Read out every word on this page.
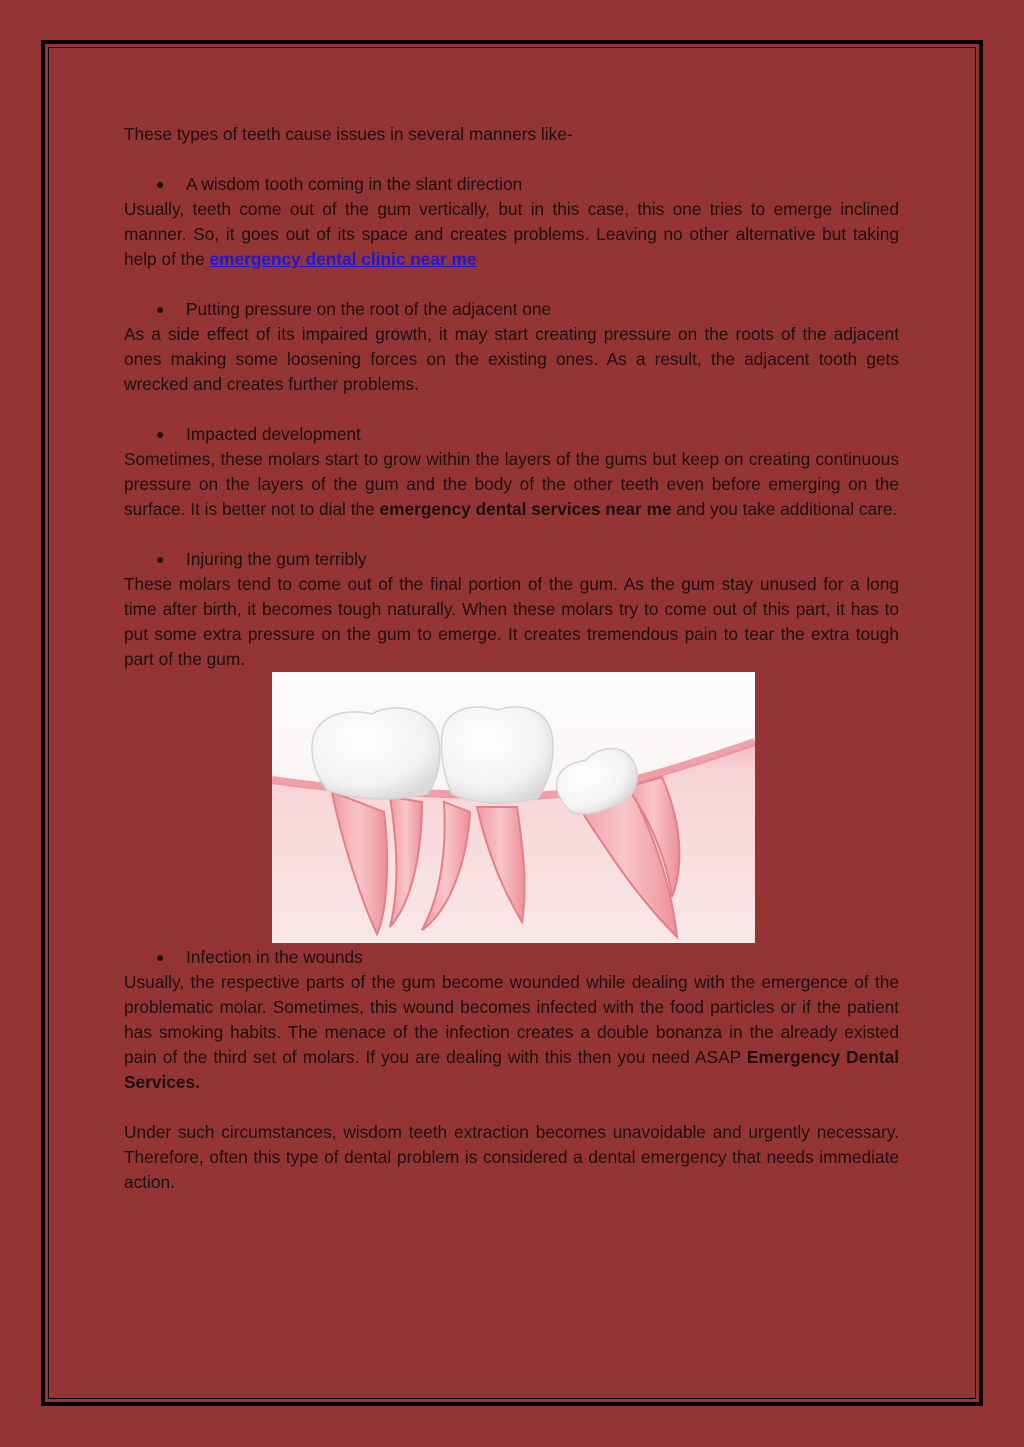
These types of teeth cause issues in several manners like-

●	A wisdom tooth coming in the slant direction

Usually, teeth come out of the gum vertically, but in this case, this one tries to emerge inclined manner. So, it goes out of its space and creates problems. Leaving no other alternative but taking help of the emergency dental clinic near me

●	Putting pressure on the root of the adjacent one

As a side effect of its impaired growth, it may start creating pressure on the roots of the adjacent ones making some loosening forces on the existing ones. As a result, the adjacent tooth gets wrecked and creates further problems.

●	Impacted development

Sometimes, these molars start to grow within the layers of the gums but keep on creating continuous pressure on the layers of the gum and the body of the other teeth even before emerging on the surface. It is better not to dial the emergency dental services near me and you take additional care.

●	Injuring the gum terribly

These molars tend to come out of the final portion of the gum. As the gum stay unused for a long time after birth, it becomes tough naturally. When these molars try to come out of this part, it has to put some extra pressure on the gum to emerge. It creates tremendous pain to tear the extra tough part of the gum.

●	Infection in the wounds

Usually, the respective parts of the gum become wounded while dealing with the emergence of the problematic molar. Sometimes, this wound becomes infected with the food particles or if the patient has smoking habits. The menace of the infection creates a double bonanza in the already existed pain of the third set of molars. If you are dealing with this then you need ASAP Emergency Dental Services.

Under such circumstances, wisdom teeth extraction becomes unavoidable and urgently necessary. Therefore, often this type of dental problem is considered a dental emergency that needs immediate action.
